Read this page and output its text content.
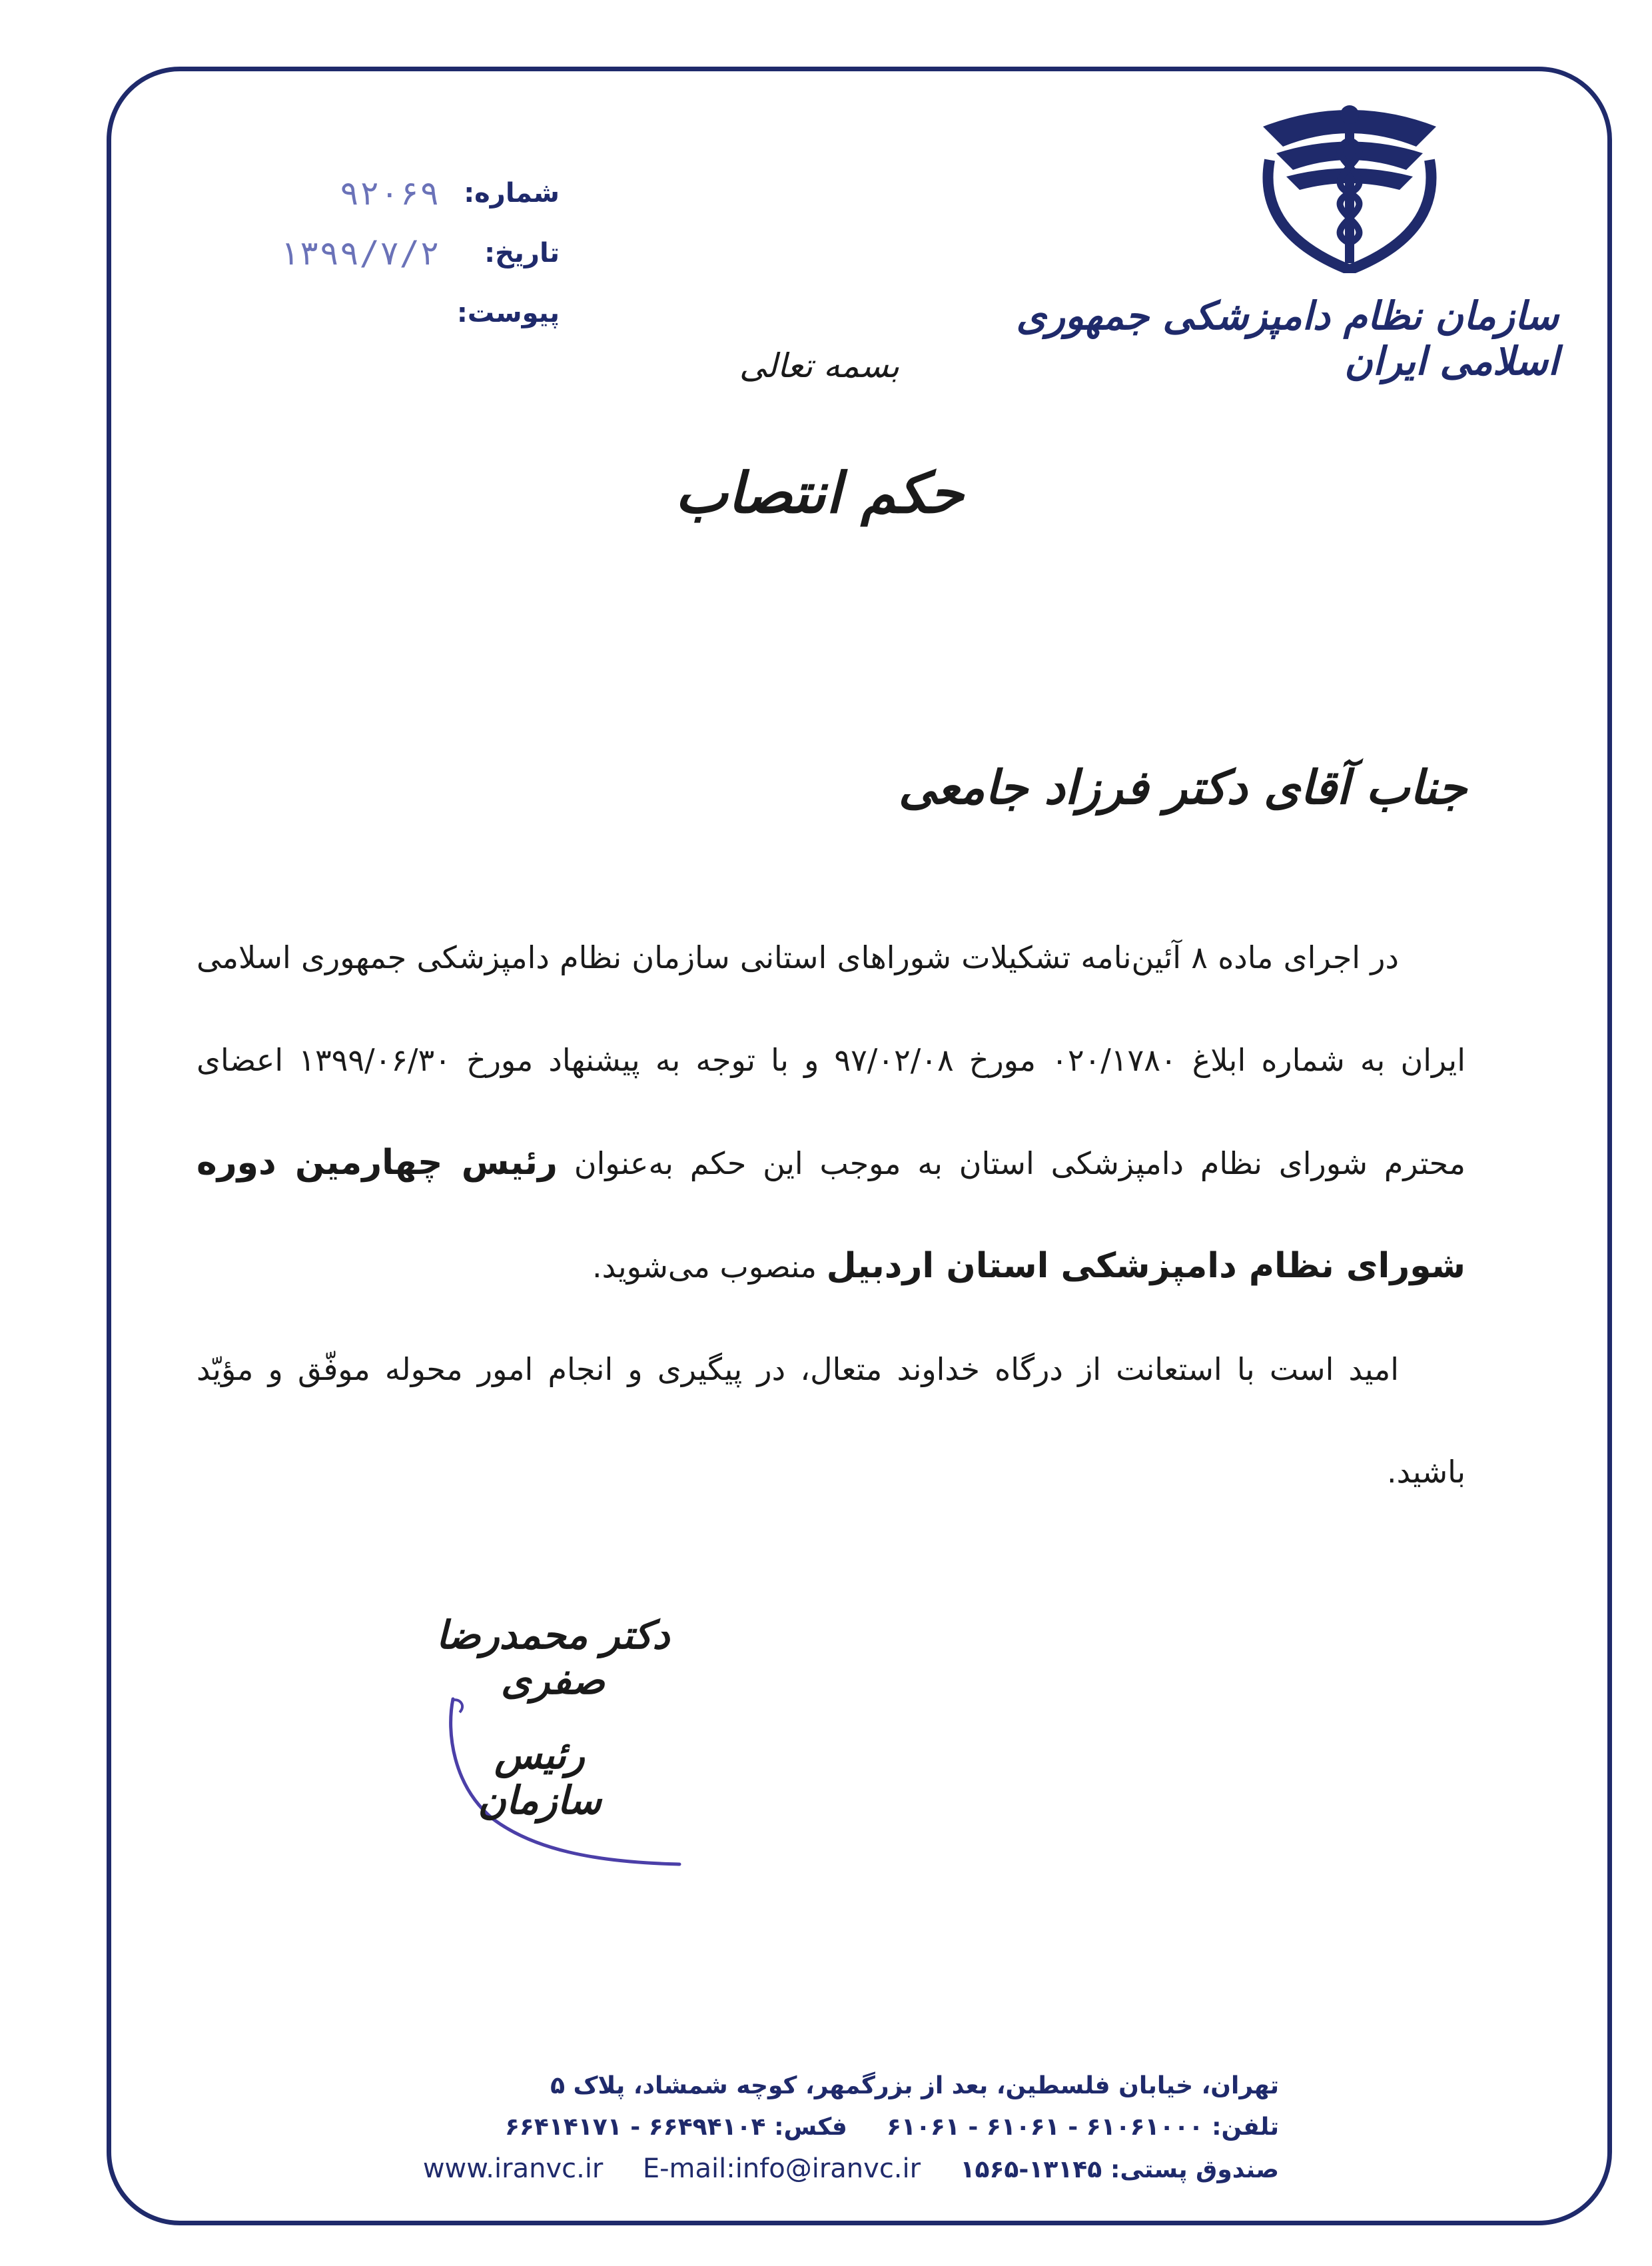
سازمان نظام دامپزشکی جمهوری اسلامی ایران
شماره:
۹۲۰۶۹
تاریخ:
۱۳۹۹/۷/۲
پیوست:
بسمه تعالی
حکم انتصاب
جناب آقای دکتر فرزاد جامعی

در اجرای ماده ۸ آئین‌نامه تشکیلات شوراهای استانی سازمان نظام دامپزشکی جمهوری اسلامی ایران به شماره ابلاغ ۰۲۰/۱۷۸۰ مورخ ۹۷/۰۲/۰۸ و با توجه به پیشنهاد مورخ ۱۳۹۹/۰۶/۳۰ اعضای محترم شورای نظام دامپزشکی استان به موجب این حکم به‌عنوان رئیس چهارمین دوره شورای نظام دامپزشکی استان اردبیل منصوب می‌شوید.

امید است با استعانت از درگاه خداوند متعال، در پیگیری و انجام امور محوله موفّق و مؤیّد باشید.

دکتر محمدرضا صفری
رئیس سازمان
تهران، خیابان فلسطین، بعد از بزرگمهر، کوچه شمشاد، پلاک ۵
تلفن: ۶۱۰۶۱۰۰۰ - ۶۱۰۶۱ - ۶۱۰۶۱  فکس: ۶۶۴۹۴۱۰۴ - ۶۶۴۱۴۱۷۱
صندوق پستی: ۱۳۱۴۵-۱۵۶۵  E-mail:info@iranvc.ir  www.iranvc.ir
